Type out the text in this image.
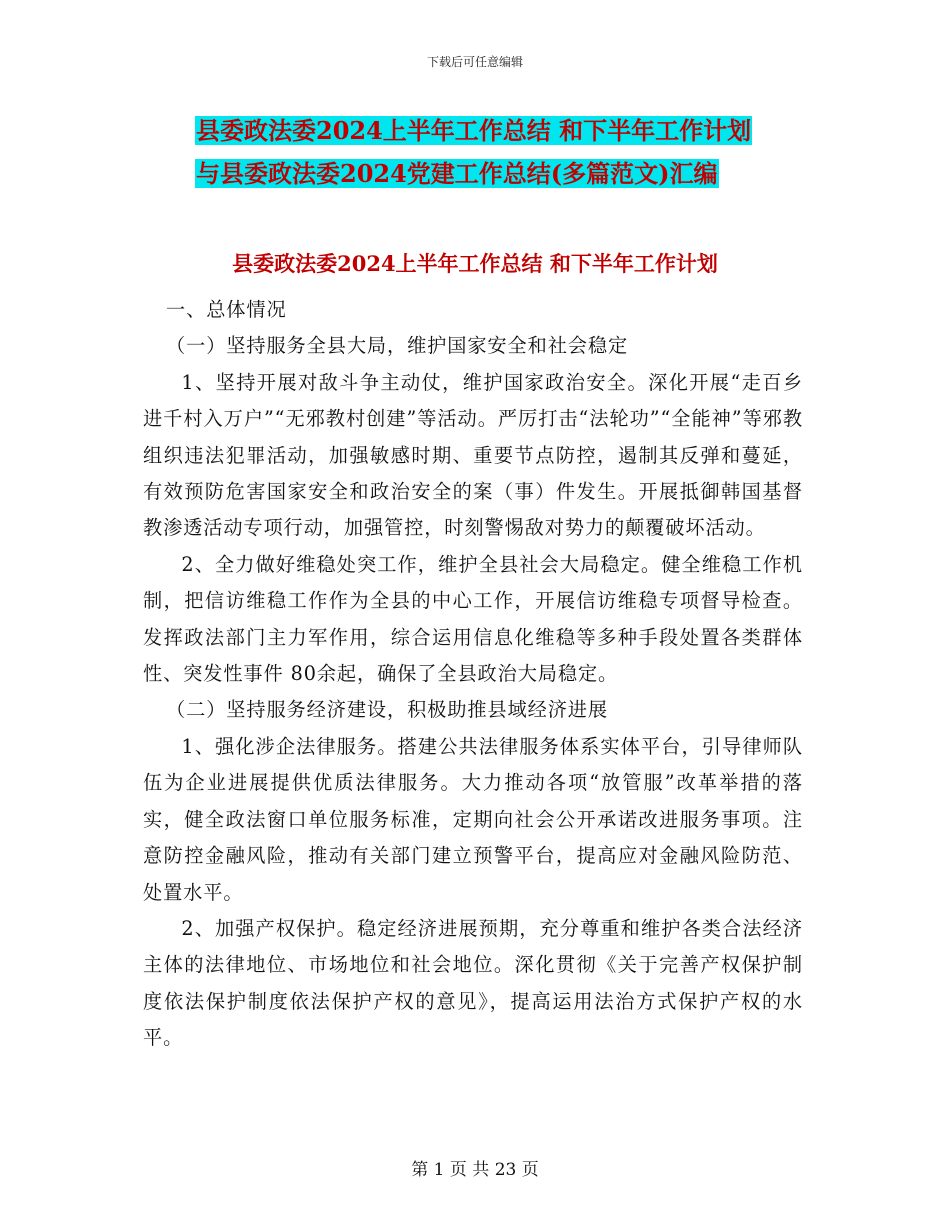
下载后可任意编辑
县委政法委2024上半年工作总结 和下半年工作计划
与县委政法委2024党建工作总结(多篇范文)汇编
县委政法委2024上半年工作总结 和下半年工作计划

一、总体情况

（一）坚持服务全县大局，维护国家安全和社会稳定

1、坚持开展对敌斗争主动仗，维护国家政治安全。深化开展“走百乡进千村入万户”“无邪教村创建”等活动。严厉打击“法轮功”“全能神”等邪教组织违法犯罪活动，加强敏感时期、重要节点防控，遏制其反弹和蔓延，有效预防危害国家安全和政治安全的案（事）件发生。开展抵御韩国基督教渗透活动专项行动，加强管控，时刻警惕敌对势力的颠覆破坏活动。

2、全力做好维稳处突工作，维护全县社会大局稳定。健全维稳工作机制，把信访维稳工作作为全县的中心工作，开展信访维稳专项督导检查。发挥政法部门主力军作用，综合运用信息化维稳等多种手段处置各类群体性、突发性事件 80余起，确保了全县政治大局稳定。

（二）坚持服务经济建设，积极助推县域经济进展

1、强化涉企法律服务。搭建公共法律服务体系实体平台，引导律师队伍为企业进展提供优质法律服务。大力推动各项“放管服”改革举措的落实，健全政法窗口单位服务标准，定期向社会公开承诺改进服务事项。注意防控金融风险，推动有关部门建立预警平台，提高应对金融风险防范、处置水平。

2、加强产权保护。稳定经济进展预期，充分尊重和维护各类合法经济主体的法律地位、市场地位和社会地位。深化贯彻《关于完善产权保护制度依法保护制度依法保护产权的意见》，提高运用法治方式保护产权的水平。

第 1 页 共 23 页
